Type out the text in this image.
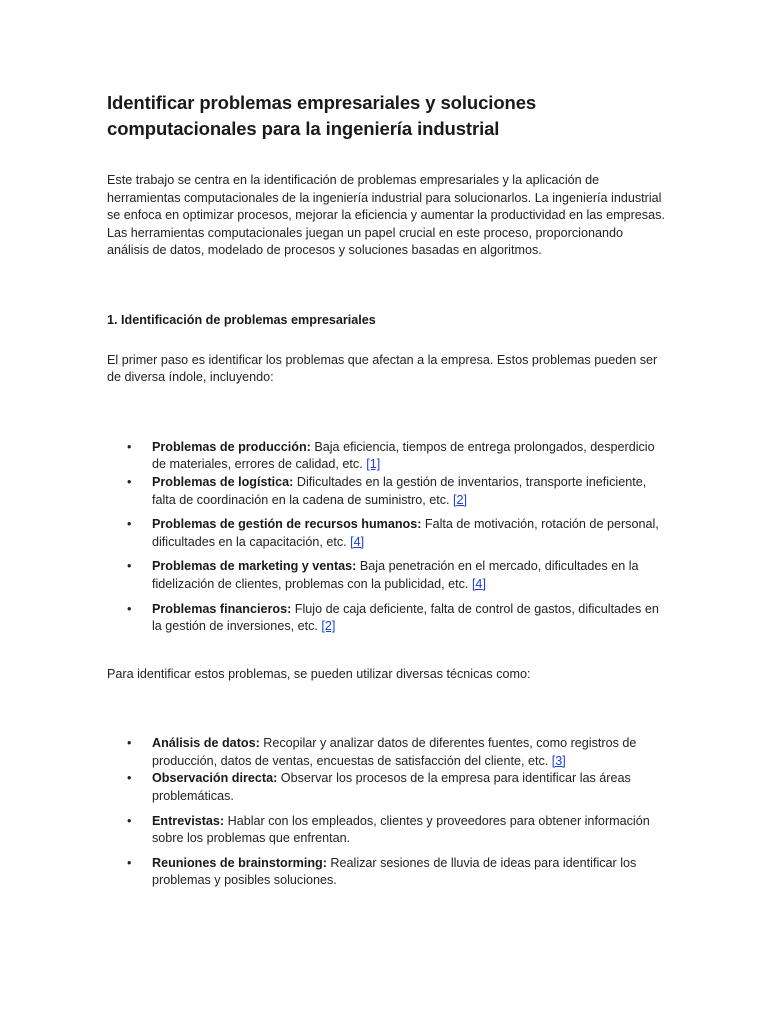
Identificar problemas empresariales y soluciones computacionales para la ingeniería industrial

Este trabajo se centra en la identificación de problemas empresariales y la aplicación de herramientas computacionales de la ingeniería industrial para solucionarlos. La ingeniería industrial se enfoca en optimizar procesos, mejorar la eficiencia y aumentar la productividad en las empresas. Las herramientas computacionales juegan un papel crucial en este proceso, proporcionando análisis de datos, modelado de procesos y soluciones basadas en algoritmos.

1. Identificación de problemas empresariales

El primer paso es identificar los problemas que afectan a la empresa. Estos problemas pueden ser de diversa índole, incluyendo:

• Problemas de producción: Baja eficiencia, tiempos de entrega prolongados, desperdicio de materiales, errores de calidad, etc. [1]
• Problemas de logística: Dificultades en la gestión de inventarios, transporte ineficiente, falta de coordinación en la cadena de suministro, etc. [2]
• Problemas de gestión de recursos humanos: Falta de motivación, rotación de personal, dificultades en la capacitación, etc. [4]
• Problemas de marketing y ventas: Baja penetración en el mercado, dificultades en la fidelización de clientes, problemas con la publicidad, etc. [4]
• Problemas financieros: Flujo de caja deficiente, falta de control de gastos, dificultades en la gestión de inversiones, etc. [2]

Para identificar estos problemas, se pueden utilizar diversas técnicas como:

• Análisis de datos: Recopilar y analizar datos de diferentes fuentes, como registros de producción, datos de ventas, encuestas de satisfacción del cliente, etc. [3]
• Observación directa: Observar los procesos de la empresa para identificar las áreas problemáticas.
• Entrevistas: Hablar con los empleados, clientes y proveedores para obtener información sobre los problemas que enfrentan.
• Reuniones de brainstorming: Realizar sesiones de lluvia de ideas para identificar los problemas y posibles soluciones.
